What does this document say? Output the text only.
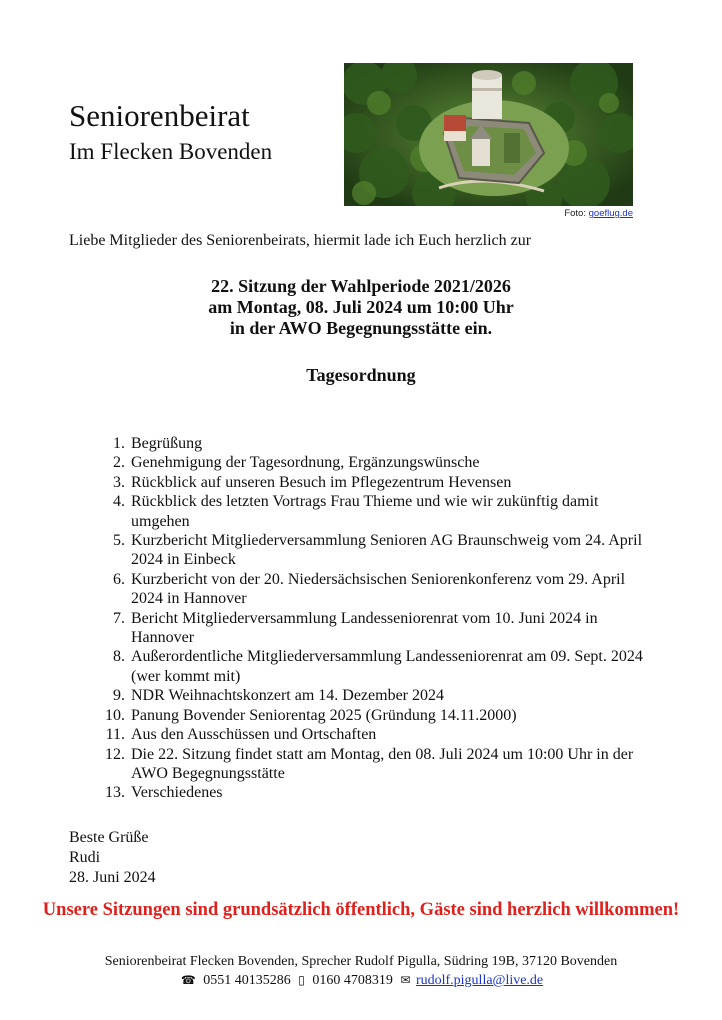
Seniorenbeirat
Im Flecken Bovenden
Foto: goeflug.de
Liebe Mitglieder des Seniorenbeirats, hiermit lade ich Euch herzlich zur
22. Sitzung der Wahlperiode 2021/2026
am Montag, 08. Juli 2024 um 10:00 Uhr
in der AWO Begegnungsstätte ein.
Tagesordnung
1. Begrüßung
2. Genehmigung der Tagesordnung, Ergänzungswünsche
3. Rückblick auf unseren Besuch im Pflegezentrum Hevensen
4. Rückblick des letzten Vortrags Frau Thieme und wie wir zukünftig damit umgehen
5. Kurzbericht Mitgliederversammlung Senioren AG Braunschweig vom 24. April 2024 in Einbeck
6. Kurzbericht von der 20. Niedersächsischen Seniorenkonferenz vom 29. April 2024 in Hannover
7. Bericht Mitgliederversammlung Landesseniorenrat vom 10. Juni 2024 in Hannover
8. Außerordentliche Mitgliederversammlung Landesseniorenrat am 09. Sept. 2024 (wer kommt mit)
9. NDR Weihnachtskonzert am 14. Dezember 2024
10. Panung Bovender Seniorentag 2025 (Gründung 14.11.2000)
11. Aus den Ausschüssen und Ortschaften
12. Die 22. Sitzung findet statt am Montag, den 08. Juli 2024 um 10:00 Uhr in der AWO Begegnungsstätte
13. Verschiedenes
Beste Grüße
Rudi
28. Juni 2024
Unsere Sitzungen sind grundsätzlich öffentlich, Gäste sind herzlich willkommen!
Seniorenbeirat Flecken Bovenden, Sprecher Rudolf Pigulla, Südring 19B, 37120 Bovenden
☎ 0551 40135286 ▯ 0160 4708319 ✉ rudolf.pigulla@live.de
